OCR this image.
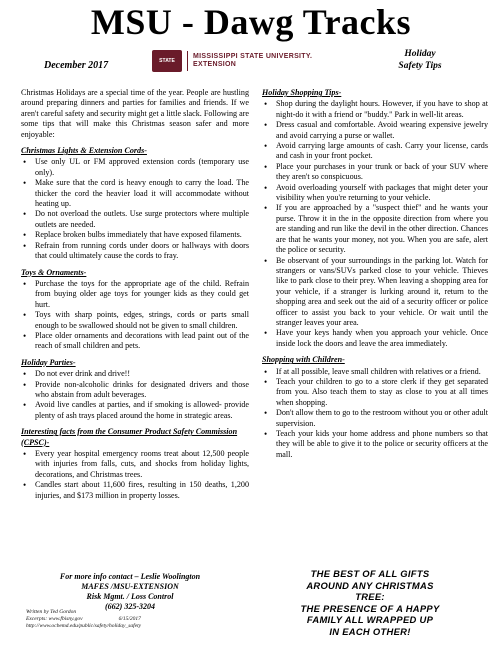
MSU - Dawg Tracks
December 2017	STATE
MISSISSIPPI STATE UNIVERSITY.
EXTENSION
Holiday
Safety Tips

Christmas Holidays are a special time of the year. People are hustling around preparing dinners and parties for families and friends. If we aren't careful safety and security might get a little slack. Following are some tips that will make this Christmas season safer and more enjoyable:

Christmas Lights & Extension Cords-
• Use only UL or FM approved extension cords (temporary use only).
• Make sure that the cord is heavy enough to carry the load. The thicker the cord the heavier load it will accommodate without heating up.
• Do not overload the outlets. Use surge protectors where multiple outlets are needed.
• Replace broken bulbs immediately that have exposed filaments.
• Refrain from running cords under doors or hallways with doors that could ultimately cause the cords to fray.
Toys & Ornaments-
• Purchase the toys for the appropriate age of the child. Refrain from buying older age toys for younger kids as they could get hurt.
• Toys with sharp points, edges, strings, cords or parts small enough to be swallowed should not be given to small children.
• Place older ornaments and decorations with lead paint out of the reach of small children and pets.
Holiday Parties-
• Do not ever drink and drive!!
• Provide non-alcoholic drinks for designated drivers and those who abstain from adult beverages.
• Avoid live candles at parties, and if smoking is allowed- provide plenty of ash trays placed around the home in strategic areas.
Interesting facts from the Consumer Product Safety Commission (CPSC)-
• Every year hospital emergency rooms treat about 12,500 people with injuries from falls, cuts, and shocks from holiday lights, decorations, and Christmas trees.
• Candles start about 11,600 fires, resulting in 150 deaths, 1,200 injuries, and $173 million in property losses.
Holiday Shopping Tips-
• Shop during the daylight hours. However, if you have to shop at night-do it with a friend or "buddy." Park in well-lit areas.
• Dress casual and comfortable. Avoid wearing expensive jewelry and avoid carrying a purse or wallet.
• Avoid carrying large amounts of cash. Carry your license, cards and cash in your front pocket.
• Place your purchases in your trunk or back of your SUV where they aren't so conspicuous.
• Avoid overloading yourself with packages that might deter your visibility when you're returning to your vehicle.
• If you are approached by a "suspect thief" and he wants your purse. Throw it in the in the opposite direction from where you are standing and run like the devil in the other direction. Chances are that he wants your money, not you. When you are safe, alert the police or security.
• Be observant of your surroundings in the parking lot. Watch for strangers or vans/SUVs parked close to your vehicle. Thieves like to park close to their prey. When leaving a shopping area for your vehicle, if a stranger is lurking around it, return to the shopping area and seek out the aid of a security officer or police officer to assist you back to your vehicle. Or wait until the stranger leaves your area.
• Have your keys handy when you approach your vehicle. Once inside lock the doors and leave the area immediately.
Shopping with Children-
• If at all possible, leave small children with relatives or a friend.
• Teach your children to go to a store clerk if they get separated from you. Also teach them to stay as close to you at all times when shopping.
• Don't allow them to go to the restroom without you or other adult supervision.
• Teach your kids your home address and phone numbers so that they will be able to give it to the police or security officers at the mall.
For more info contact – Leslie Woolington
MAFES /MSU-EXTENSION
Risk Mgmt. / Loss Control
(662) 325-3204
Written by Ted Gordon
Excerpts: www.fbisny.gov	6/15/2017
http://www.ocbemd.edu/public/safety/holiday_safety
THE BEST OF ALL GIFTS
AROUND ANY CHRISTMAS
TREE:
THE PRESENCE OF A HAPPY
FAMILY ALL WRAPPED UP
IN EACH OTHER!
